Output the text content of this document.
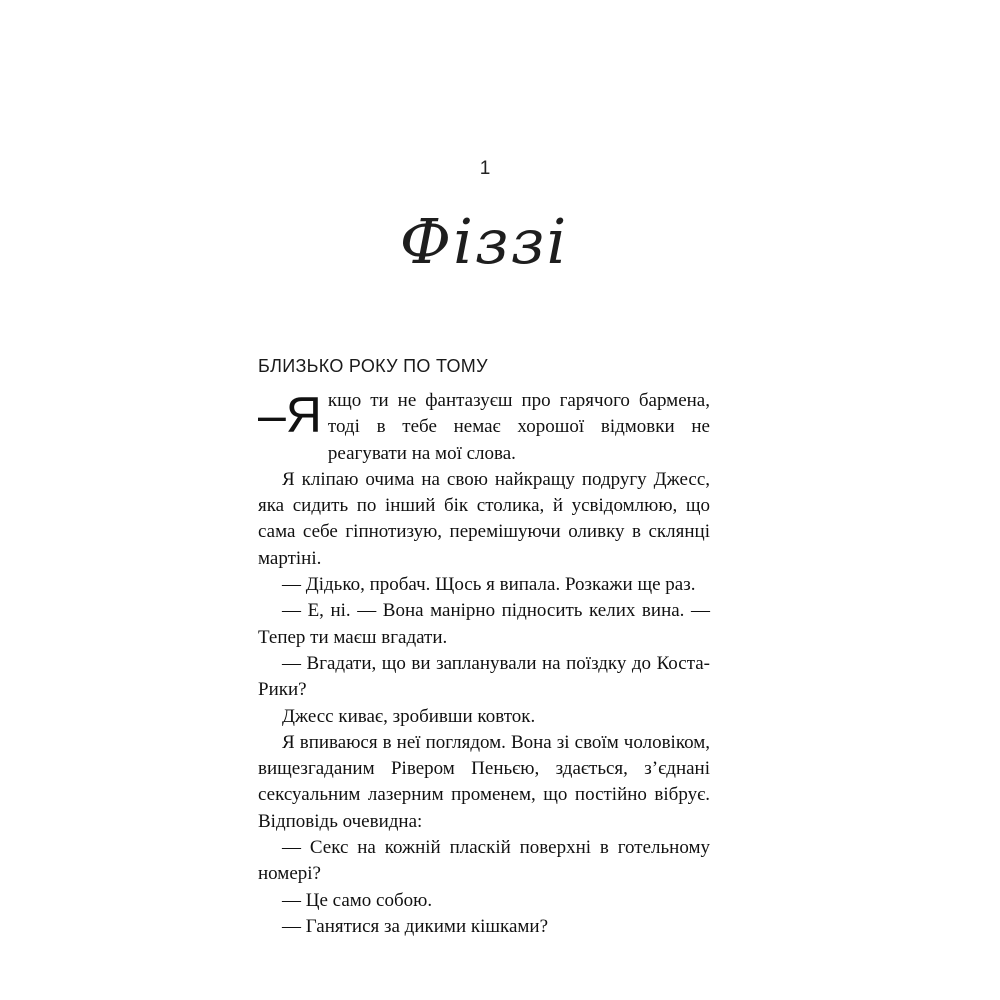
1
Фіззі
БЛИЗЬКО РОКУ ПО ТОМУ

–Я кщо ти не фантазуєш про гарячого бармена, тоді в тебе немає хорошої відмовки не реагувати на мої слова.

Я кліпаю очима на свою найкращу подругу Джесс, яка сидить по інший бік столика, й усвідомлюю, що сама себе гіпнотизую, перемішуючи оливку в склянці мартіні.

— Дідько, пробач. Щось я випала. Розкажи ще раз.

— Е, ні. — Вона манірно підносить келих вина. — Тепер ти маєш вгадати.

— Вгадати, що ви запланували на поїздку до Коста-Рики?

Джесс киває, зробивши ковток.

Я впиваюся в неї поглядом. Вона зі своїм чоловіком, вищезгаданим Рівером Пеньєю, здається, з’єднані сексуальним лазерним променем, що постійно вібрує. Відповідь очевидна:

— Секс на кожній пласкій поверхні в готельному номері?

— Це само собою.

— Ганятися за дикими кішками?
